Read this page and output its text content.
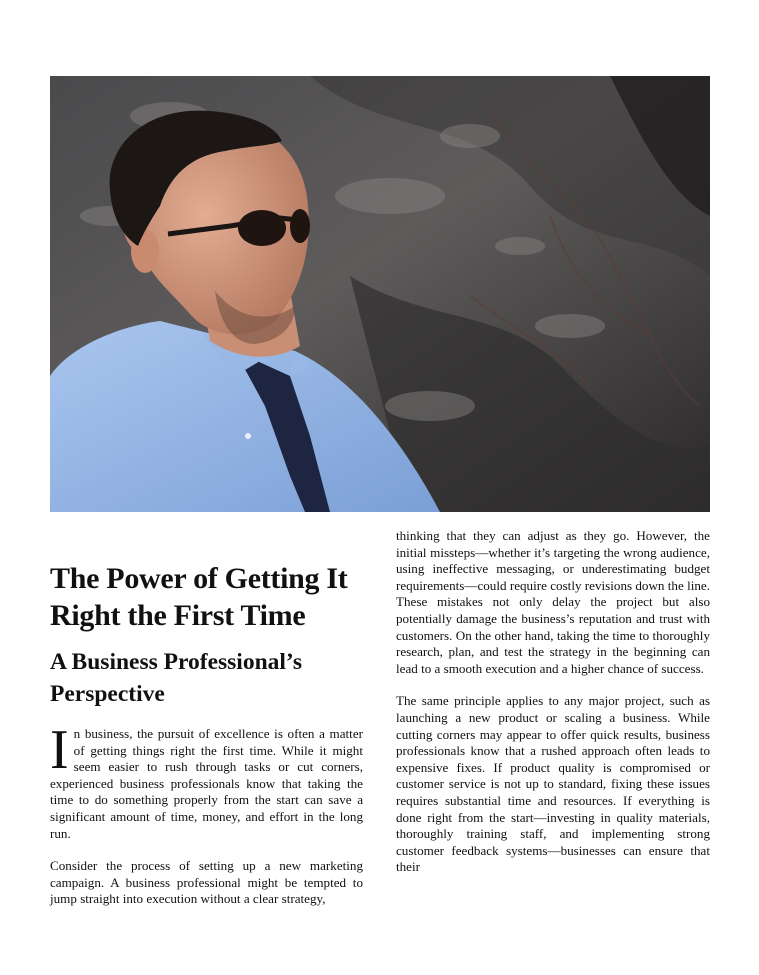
The Power of Getting It Right the First Time
A Business Professional’s Perspective

In business, the pursuit of excellence is often a matter of getting things right the first time. While it might seem easier to rush through tasks or cut corners, experienced business professionals know that taking the time to do something properly from the start can save a significant amount of time, money, and effort in the long run.

Consider the process of setting up a new marketing campaign. A business professional might be tempted to jump straight into execution without a clear strategy,

thinking that they can adjust as they go. However, the initial missteps—whether it’s targeting the wrong audience, using ineffective messaging, or underestimating budget requirements—could require costly revisions down the line. These mistakes not only delay the project but also potentially damage the business’s reputation and trust with customers. On the other hand, taking the time to thoroughly research, plan, and test the strategy in the beginning can lead to a smooth execution and a higher chance of success.

The same principle applies to any major project, such as launching a new product or scaling a business. While cutting corners may appear to offer quick results, business professionals know that a rushed approach often leads to expensive fixes. If product quality is compromised or customer service is not up to standard, fixing these issues requires substantial time and resources. If everything is done right from the start—investing in quality materials, thoroughly training staff, and implementing strong customer feedback systems—businesses can ensure that their
